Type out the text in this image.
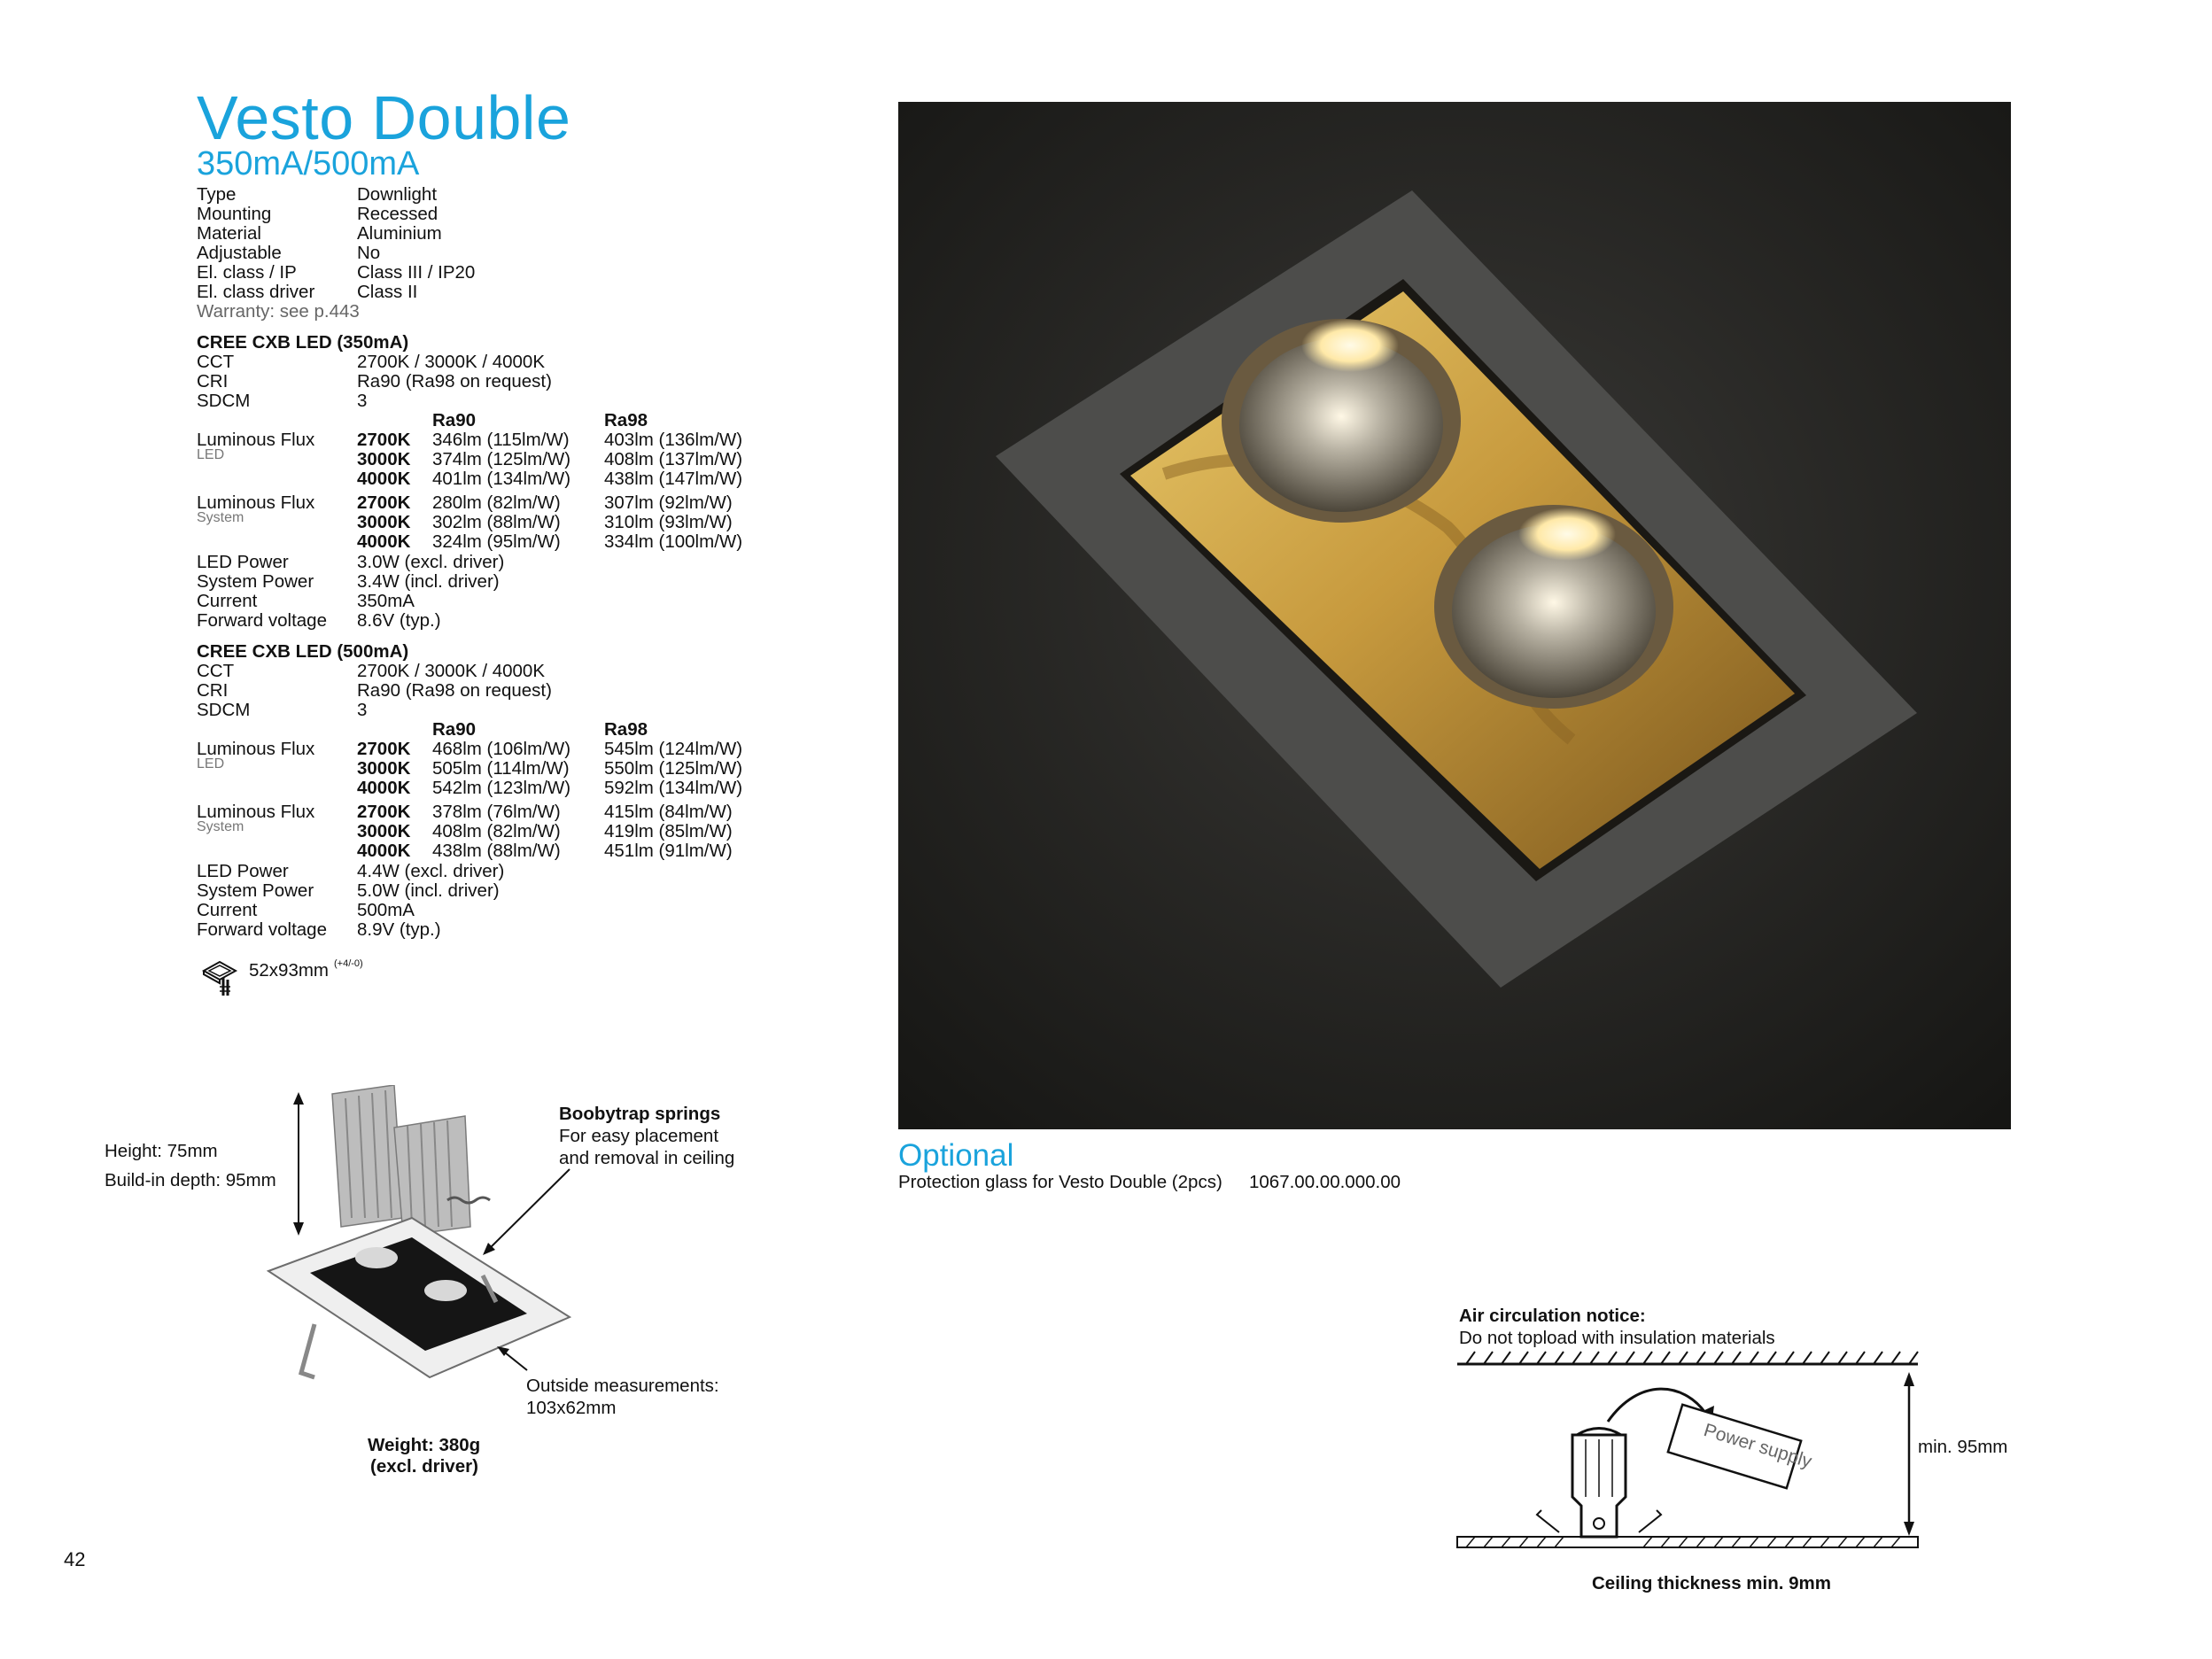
Vesto Double
350mA/500mA
Type	Downlight
Mounting	Recessed
Material	Aluminium
Adjustable	No
El. class / IP	Class III / IP20
El. class driver Class II
Warranty: see p.443
CREE CXB LED (350mA)
CCT	2700K / 3000K / 4000K
CRI	Ra90 (Ra98 on request)
SDCM	3
Ra90	Ra98
Luminous Flux
LED
2700K 346lm (115lm/W) 403lm (136lm/W)
3000K 374lm (125lm/W) 408lm (137lm/W)
4000K 401lm (134lm/W) 438lm (147lm/W)
Luminous Flux
System
2700K 280lm (82lm/W) 307lm (92lm/W)
3000K 302lm (88lm/W) 310lm (93lm/W)
4000K 324lm (95lm/W) 334lm (100lm/W)
LED Power	3.0W (excl. driver)
System Power 3.4W (incl. driver)
Current	350mA
Forward voltage 8.6V (typ.)
CREE CXB LED (500mA)
CCT	2700K / 3000K / 4000K
CRI	Ra90 (Ra98 on request)
SDCM	3
Ra90	Ra98
Luminous Flux
LED
2700K 468lm (106lm/W) 545lm (124lm/W)
3000K 505lm (114lm/W) 550lm (125lm/W)
4000K 542lm (123lm/W) 592lm (134lm/W)
Luminous Flux
System
2700K 378lm (76lm/W) 415lm (84lm/W)
3000K 408lm (82lm/W) 419lm (85lm/W)
4000K 438lm (88lm/W) 451lm (91lm/W)
LED Power	4.4W (excl. driver)
System Power 5.0W (incl. driver)
Current	500mA
Forward voltage 8.9V (typ.)
52x93mm (+4/-0)
Optional
Protection glass for Vesto Double (2pcs) 1067.00.00.000.00
Height: 75mm
Build-in depth: 95mm
Boobytrap springs
For easy placement
and removal in ceiling
Outside measurements:
103x62mm
Weight: 380g
(excl. driver)
Air circulation notice:
Do not topload with insulation materials
Power supply	min. 95mm
Ceiling thickness min. 9mm
42
